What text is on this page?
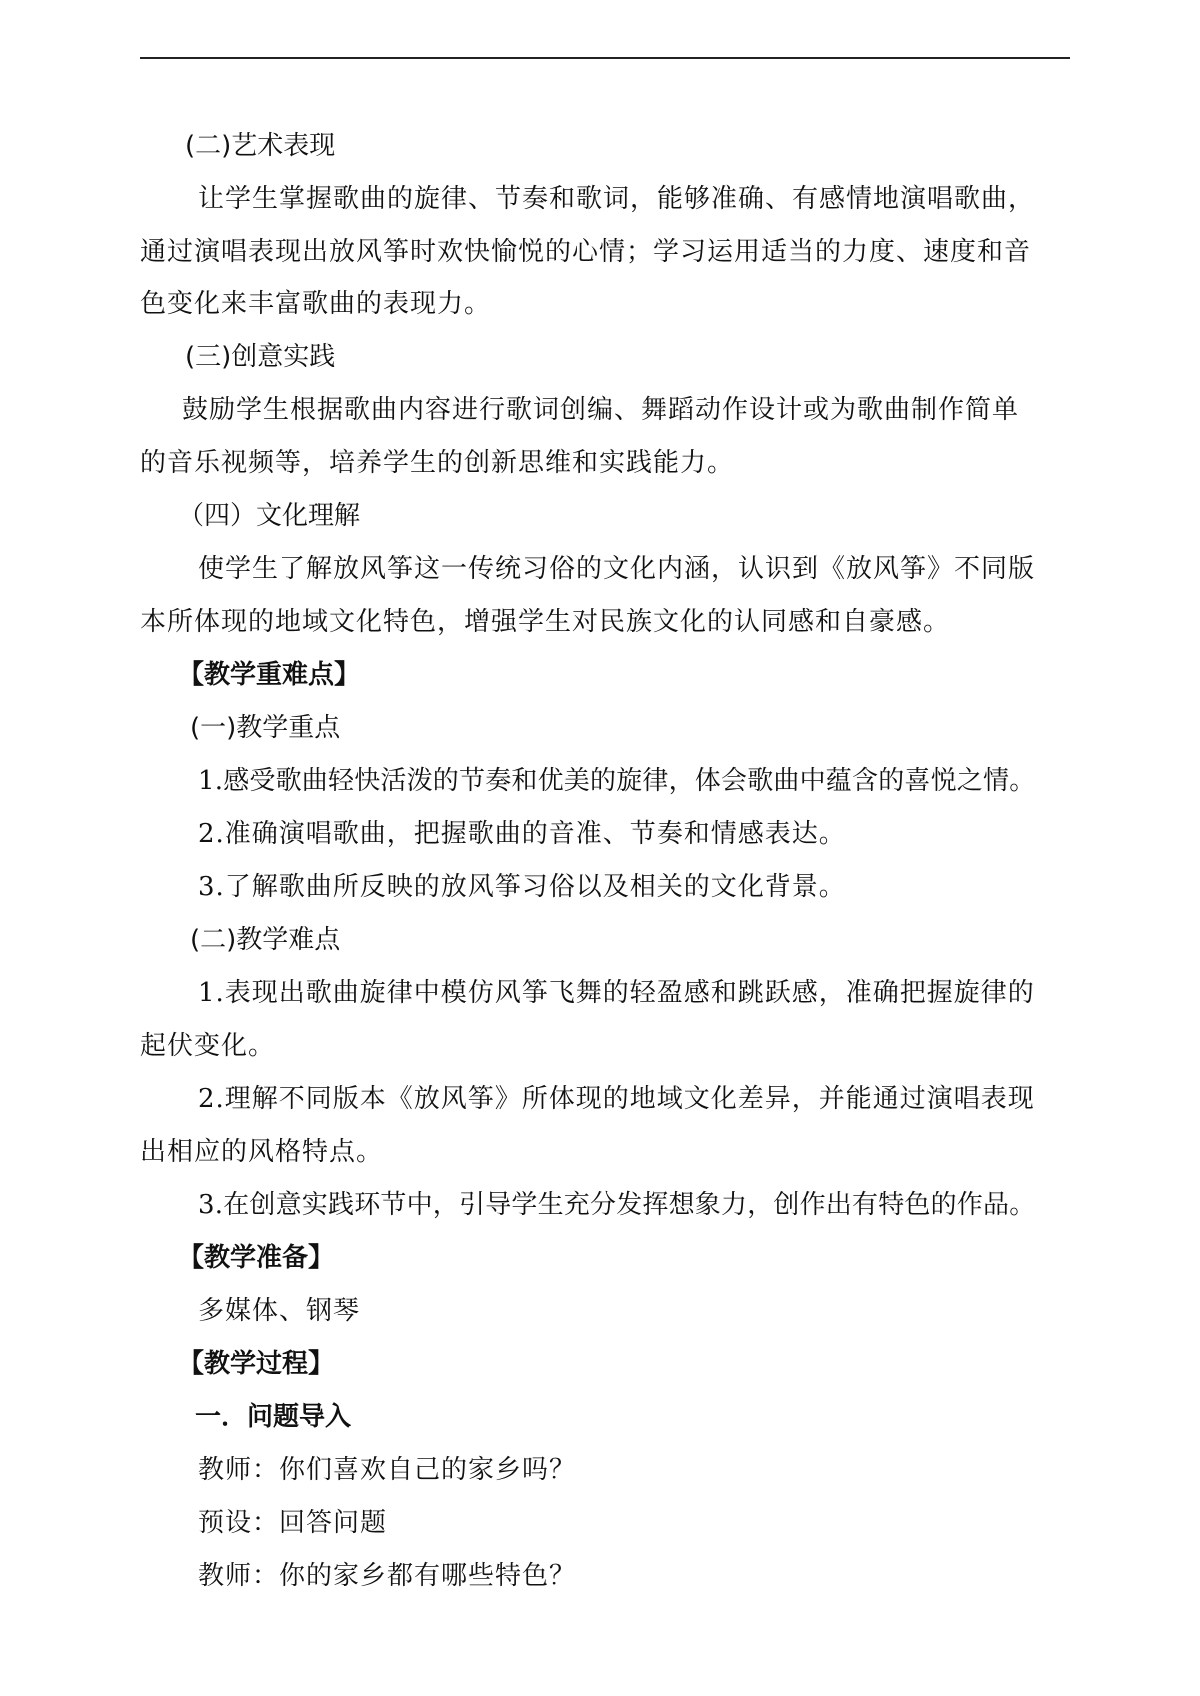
(二)艺术表现
让学生掌握歌曲的旋律、节奏和歌词，能够准确、有感情地演唱歌曲，
通过演唱表现出放风筝时欢快愉悦的心情；学习运用适当的力度、速度和音
色变化来丰富歌曲的表现力。
(三)创意实践
鼓励学生根据歌曲内容进行歌词创编、舞蹈动作设计或为歌曲制作简单
的音乐视频等，培养学生的创新思维和实践能力。
（四）文化理解
使学生了解放风筝这一传统习俗的文化内涵，认识到《放风筝》不同版
本所体现的地域文化特色，增强学生对民族文化的认同感和自豪感。
【教学重难点】
(一)教学重点
1.感受歌曲轻快活泼的节奏和优美的旋律，体会歌曲中蕴含的喜悦之情。
2.准确演唱歌曲，把握歌曲的音准、节奏和情感表达。
3.了解歌曲所反映的放风筝习俗以及相关的文化背景。
(二)教学难点
1.表现出歌曲旋律中模仿风筝飞舞的轻盈感和跳跃感，准确把握旋律的
起伏变化。
2.理解不同版本《放风筝》所体现的地域文化差异，并能通过演唱表现
出相应的风格特点。
3.在创意实践环节中，引导学生充分发挥想象力，创作出有特色的作品。
【教学准备】
多媒体、钢琴
【教学过程】
一．问题导入
教师：你们喜欢自己的家乡吗？
预设：回答问题
教师：你的家乡都有哪些特色？
